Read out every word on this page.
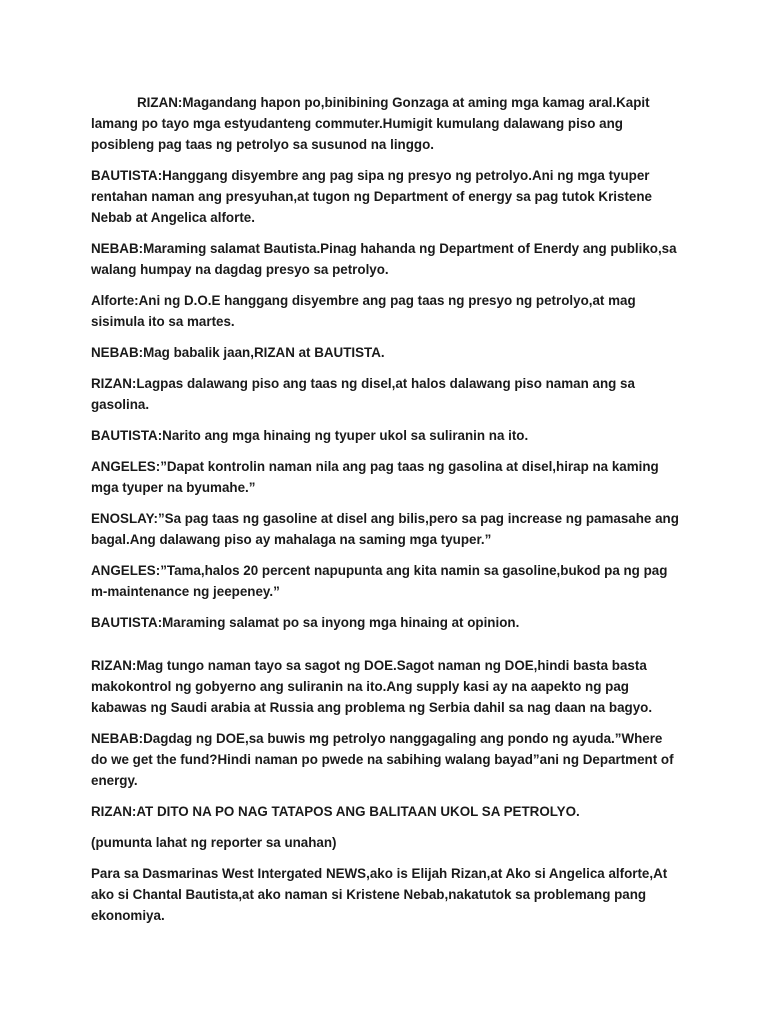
RIZAN:Magandang hapon po,binibining Gonzaga at aming mga kamag aral.Kapit lamang po tayo mga estyudanteng commuter.Humigit kumulang dalawang piso ang posibleng pag taas ng petrolyo sa susunod na linggo.

BAUTISTA:Hanggang disyembre ang pag sipa ng presyo ng petrolyo.Ani ng mga tyuper rentahan naman ang presyuhan,at tugon ng Department of energy sa pag tutok Kristene Nebab at Angelica alforte.

NEBAB:Maraming salamat Bautista.Pinag hahanda ng Department of Enerdy ang publiko,sa walang humpay na dagdag presyo sa petrolyo.

Alforte:Ani ng D.O.E hanggang disyembre ang pag taas ng presyo ng petrolyo,at mag sisimula ito sa martes.

NEBAB:Mag babalik jaan,RIZAN at BAUTISTA.

RIZAN:Lagpas dalawang piso ang taas ng disel,at halos dalawang piso naman ang sa gasolina.

BAUTISTA:Narito ang mga hinaing ng tyuper ukol sa suliranin na ito.

ANGELES:”Dapat kontrolin naman nila ang pag taas ng gasolina at disel,hirap na kaming mga tyuper na byumahe.”

ENOSLAY:”Sa pag taas ng gasoline at disel ang bilis,pero sa pag increase ng pamasahe ang bagal.Ang dalawang piso ay mahalaga na saming mga tyuper.”

ANGELES:”Tama,halos 20 percent napupunta ang kita namin sa gasoline,bukod pa ng pag m-maintenance ng jeepeney.”

BAUTISTA:Maraming salamat po sa inyong mga hinaing at opinion.

RIZAN:Mag tungo naman tayo sa sagot ng DOE.Sagot naman ng DOE,hindi basta basta makokontrol ng gobyerno ang suliranin na ito.Ang supply kasi ay na aapekto ng pag kabawas ng Saudi arabia at Russia ang problema ng Serbia dahil sa nag daan na bagyo.

NEBAB:Dagdag ng DOE,sa buwis mg petrolyo nanggagaling ang pondo ng ayuda.”Where do we get the fund?Hindi naman po pwede na sabihing walang bayad”ani ng Department of energy.

RIZAN:AT DITO NA PO NAG TATAPOS ANG BALITAAN UKOL SA PETROLYO.

(pumunta lahat ng reporter sa unahan)

Para sa Dasmarinas West Intergated NEWS,ako is Elijah Rizan,at Ako si Angelica alforte,At ako si Chantal Bautista,at ako naman si Kristene Nebab,nakatutok sa problemang pang ekonomiya.
